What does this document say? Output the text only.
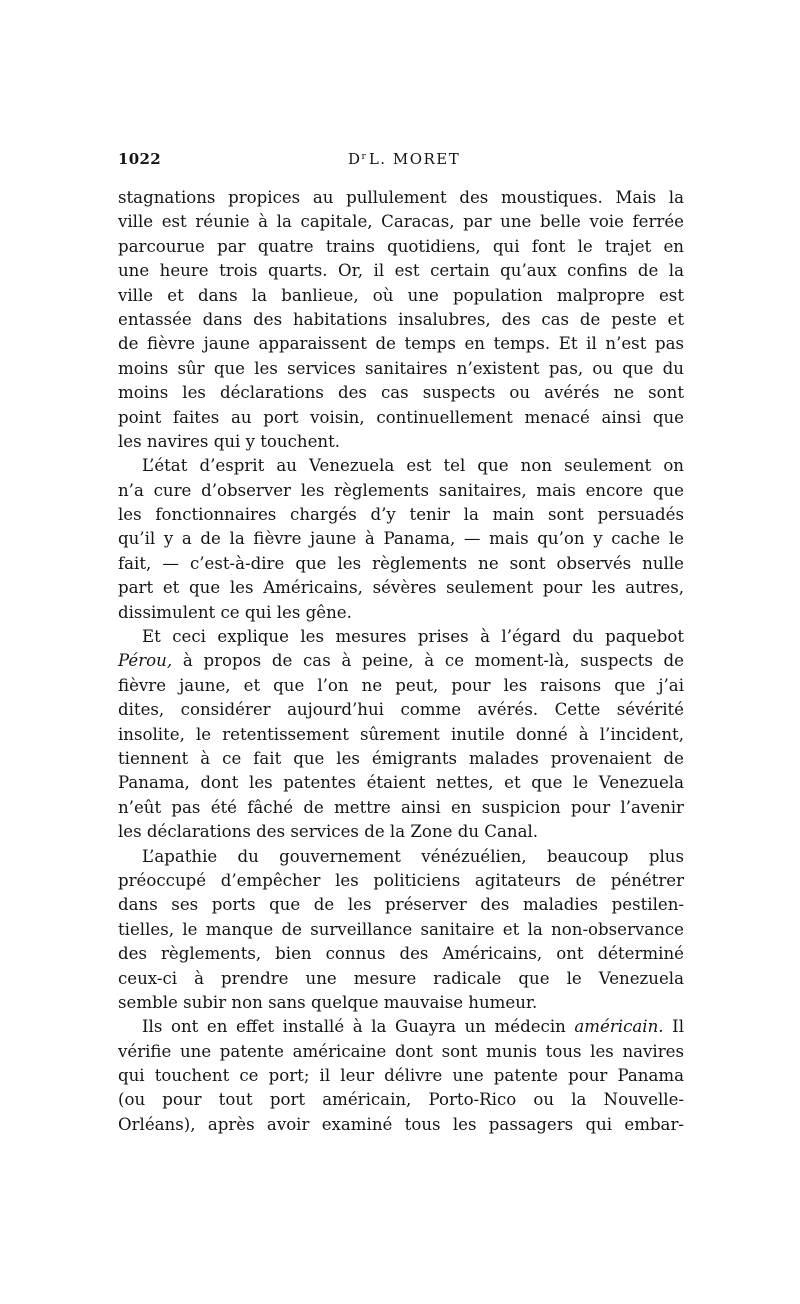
1022	$D^r$ L. MORET
stagnations propices au pullulement des moustiques. Mais la
ville est réunie à la capitale, Caracas, par une belle voie ferrée
parcourue par quatre trains quotidiens, qui font le trajet en
une heure trois quarts. Or, il est certain qu’aux confins de la
ville et dans la banlieue, où une population malpropre est
entassée dans des habitations insalubres, des cas de peste et
de fièvre jaune apparaissent de temps en temps. Et il n’est pas
moins sûr que les services sanitaires n’existent pas, ou que du
moins les déclarations des cas suspects ou avérés ne sont
point faites au port voisin, continuellement menacé ainsi que
les navires qui y touchent.
L’état d’esprit au Venezuela est tel que non seulement on
n’a cure d’observer les règlements sanitaires, mais encore que
les fonctionnaires chargés d’y tenir la main sont persuadés
qu’il y a de la fièvre jaune à Panama, — mais qu’on y cache le
fait, — c’est-à-dire que les règlements ne sont observés nulle
part et que les Américains, sévères seulement pour les autres,
dissimulent ce qui les gêne.
Et ceci explique les mesures prises à l’égard du paquebot
Pérou, à propos de cas à peine, à ce moment-là, suspects de
fièvre jaune, et que l’on ne peut, pour les raisons que j’ai
dites, considérer aujourd’hui comme avérés. Cette sévérité
insolite, le retentissement sûrement inutile donné à l’incident,
tiennent à ce fait que les émigrants malades provenaient de
Panama, dont les patentes étaient nettes, et que le Venezuela
n’eût pas été fâché de mettre ainsi en suspicion pour l’avenir
les déclarations des services de la Zone du Canal.
L’apathie du gouvernement vénézuélien, beaucoup plus
préoccupé d’empêcher les politiciens agitateurs de pénétrer
dans ses ports que de les préserver des maladies pestilen-
tielles, le manque de surveillance sanitaire et la non-observance
des règlements, bien connus des Américains, ont déterminé
ceux-ci à prendre une mesure radicale que le Venezuela
semble subir non sans quelque mauvaise humeur.
Ils ont en effet installé à la Guayra un médecin américain. Il
vérifie une patente américaine dont sont munis tous les navires
qui touchent ce port; il leur délivre une patente pour Panama
(ou pour tout port américain, Porto-Rico ou la Nouvelle-
Orléans), après avoir examiné tous les passagers qui embar-
